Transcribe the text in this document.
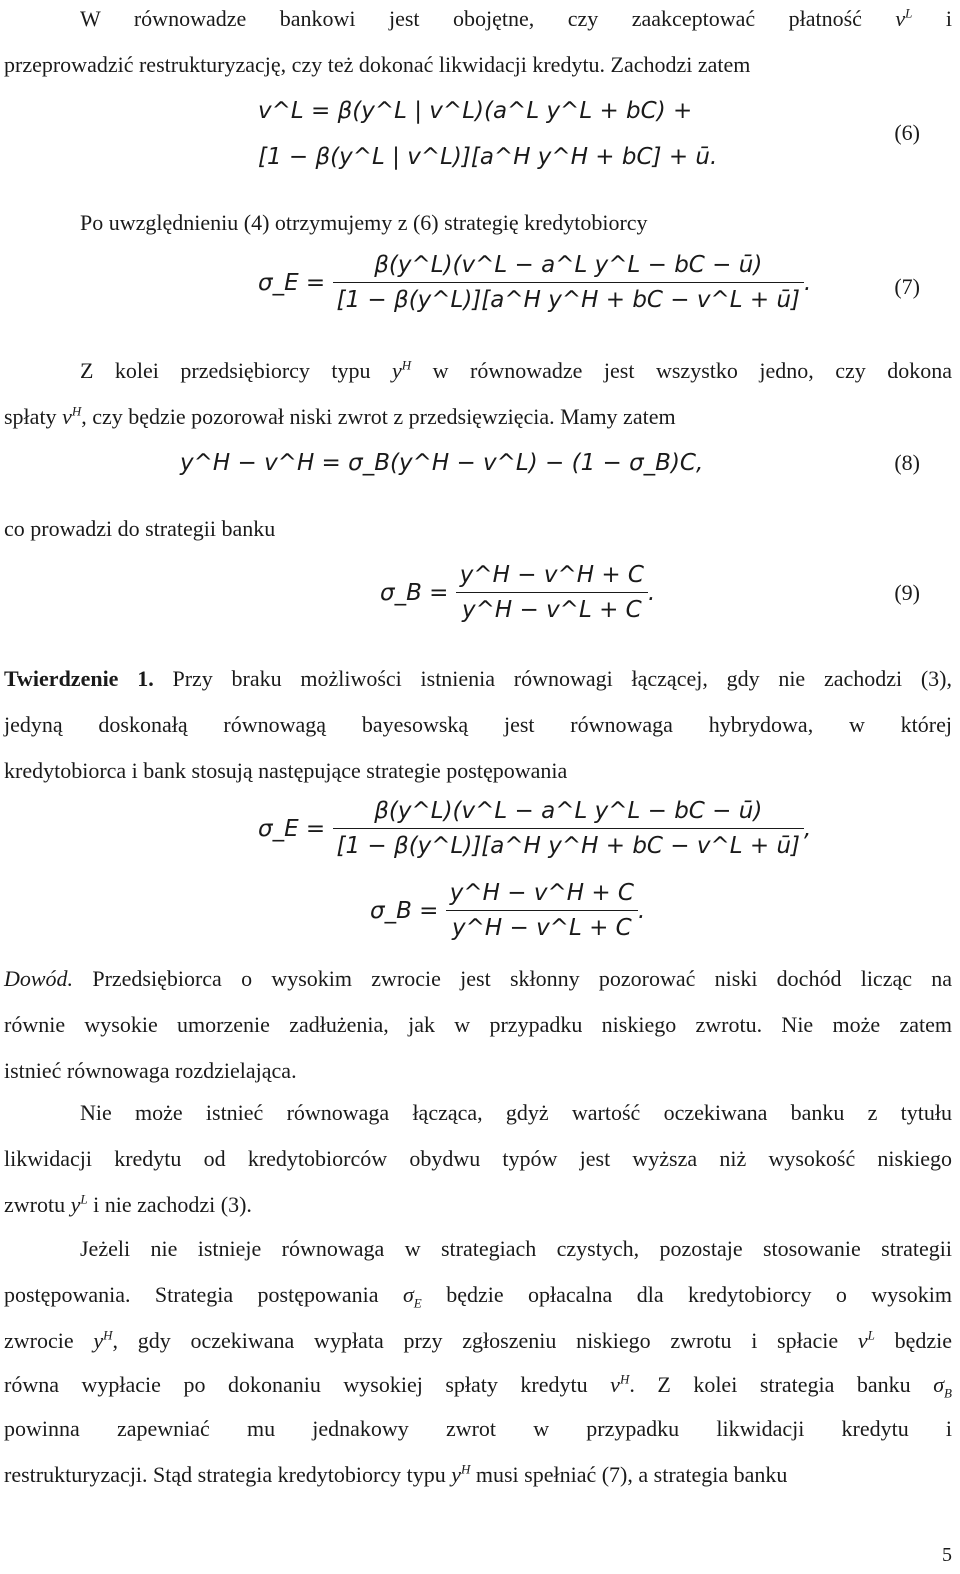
W równowadze bankowi jest obojętne, czy zaakceptować płatność $v^L$ i
przeprowadzić restrukturyzację, czy też dokonać likwidacji kredytu. Zachodzi zatem
v^L = β(y^L | v^L)(a^L y^L + bC) +
[1 − β(y^L | v^L)][a^H y^H + bC] + ū.
(6)
Po uwzględnieniu (4) otrzymujemy z (6) strategię kredytobiorcy
σ_E = $\frac{\text{β(y\textasciicircum{}L)(v\textasciicircum{}L − a\textasciicircum{}L y\textasciicircum{}L − bC − ū)}}{\text{[1 − β(y\textasciicircum{}L)][a\textasciicircum{}H y\textasciicircum{}H + bC − v\textasciicircum{}L + ū]}}$ .	(7)
Z kolei przedsiębiorcy typu $y^H$ w równowadze jest wszystko jedno, czy dokona
spłaty $v^H$, czy będzie pozorował niski zwrot z przedsięwzięcia. Mamy zatem
y^H − v^H = σ_B(y^H − v^L) − (1 − σ_B)C,	(8)
co prowadzi do strategii banku
σ_B = $\frac{y\^{}H - v\^{}H + C}{y\^{}H - v\^{}L + C}$ .	(9)
Twierdzenie 1. Przy braku możliwości istnienia równowagi łączącej, gdy nie zachodzi (3),
jedyną doskonałą równowagą bayesowską jest równowaga hybrydowa, w której
kredytobiorca i bank stosują następujące strategie postępowania
σ_E = $\frac{\text{β(y\textasciicircum{}L)(v\textasciicircum{}L − a\textasciicircum{}L y\textasciicircum{}L − bC − ū)}}{\text{[1 − β(y\textasciicircum{}L)][a\textasciicircum{}H y\textasciicircum{}H + bC − v\textasciicircum{}L + ū]}}$ ,
σ_B = $\frac{y\^{}H - v\^{}H + C}{y\^{}H - v\^{}L + C}$ .
Dowód. Przedsiębiorca o wysokim zwrocie jest skłonny pozorować niski dochód licząc na
równie wysokie umorzenie zadłużenia, jak w przypadku niskiego zwrotu. Nie może zatem
istnieć równowaga rozdzielająca.
Nie może istnieć równowaga łącząca, gdyż wartość oczekiwana banku z tytułu
likwidacji kredytu od kredytobiorców obydwu typów jest wyższa niż wysokość niskiego
zwrotu $y^L$ i nie zachodzi (3).
Jeżeli nie istnieje równowaga w strategiach czystych, pozostaje stosowanie strategii
postępowania. Strategia postępowania $\sigma_E$ będzie opłacalna dla kredytobiorcy o wysokim
zwrocie $y^H$, gdy oczekiwana wypłata przy zgłoszeniu niskiego zwrotu i spłacie $v^L$ będzie
równa wypłacie po dokonaniu wysokiej spłaty kredytu $v^H$. Z kolei strategia banku $\sigma_B$
powinna zapewniać mu jednakowy zwrot w przypadku likwidacji kredytu i
restrukturyzacji. Stąd strategia kredytobiorcy typu $y^H$ musi spełniać (7), a strategia banku
5
